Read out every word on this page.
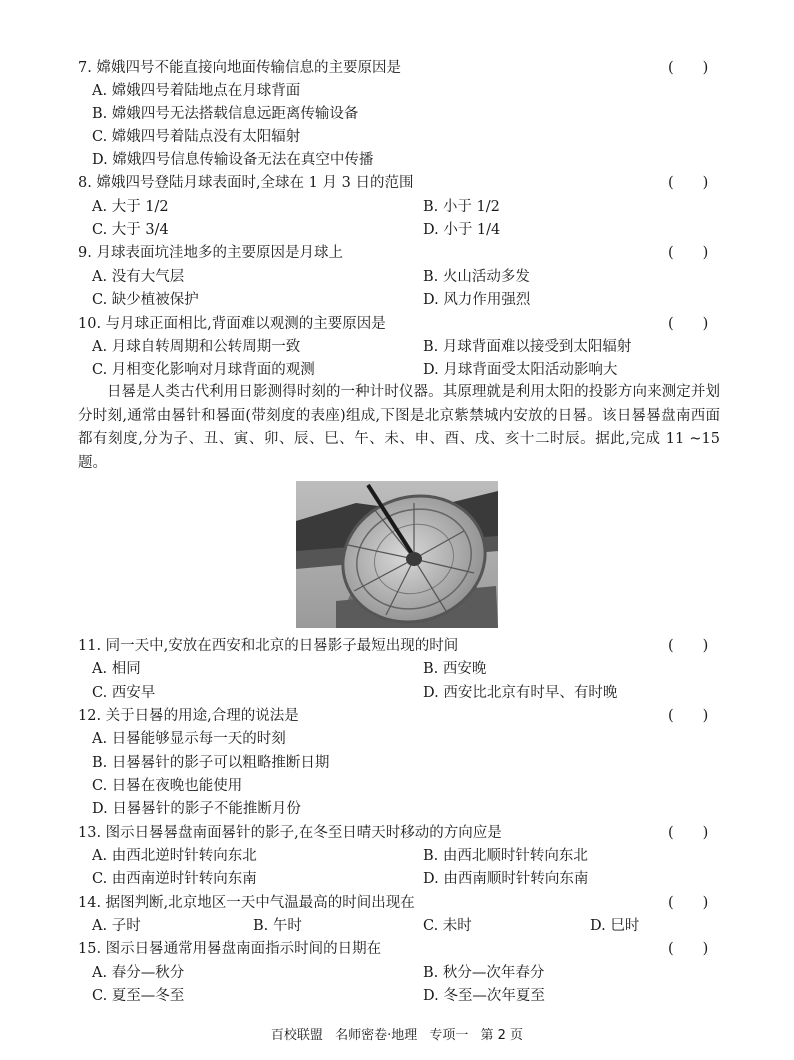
7. 嫦娥四号不能直接向地面传输信息的主要原因是	(　　)
A. 嫦娥四号着陆地点在月球背面
B. 嫦娥四号无法搭载信息远距离传输设备
C. 嫦娥四号着陆点没有太阳辐射
D. 嫦娥四号信息传输设备无法在真空中传播
8. 嫦娥四号登陆月球表面时,全球在 1 月 3 日的范围	(　　)
A. 大于 1/2	B. 小于 1/2
C. 大于 3/4	D. 小于 1/4
9. 月球表面坑洼地多的主要原因是月球上	(　　)
A. 没有大气层	B. 火山活动多发
C. 缺少植被保护	D. 风力作用强烈
10. 与月球正面相比,背面难以观测的主要原因是	(　　)
A. 月球自转周期和公转周期一致	B. 月球背面难以接受到太阳辐射
C. 月相变化影响对月球背面的观测	D. 月球背面受太阳活动影响大
日晷是人类古代利用日影测得时刻的一种计时仪器。其原理就是利用太阳的投影方向来测定并划分时刻,通常由晷针和晷面(带刻度的表座)组成,下图是北京紫禁城内安放的日晷。该日晷晷盘南西面都有刻度,分为子、丑、寅、卯、辰、巳、午、未、申、酉、戌、亥十二时辰。据此,完成 11 ~15 题。
11. 同一天中,安放在西安和北京的日晷影子最短出现的时间	(　　)
A. 相同	B. 西安晚
C. 西安早	D. 西安比北京有时早、有时晚
12. 关于日晷的用途,合理的说法是	(　　)
A. 日晷能够显示每一天的时刻
B. 日晷晷针的影子可以粗略推断日期
C. 日晷在夜晚也能使用
D. 日晷晷针的影子不能推断月份
13. 图示日晷晷盘南面晷针的影子,在冬至日晴天时移动的方向应是	(　　)
A. 由西北逆时针转向东北	B. 由西北顺时针转向东北
C. 由西南逆时针转向东南	D. 由西南顺时针转向东南
14. 据图判断,北京地区一天中气温最高的时间出现在	(　　)
A. 子时	B. 午时	C. 未时	D. 巳时
15. 图示日晷通常用晷盘南面指示时间的日期在	(　　)
A. 春分—秋分	B. 秋分—次年春分
C. 夏至—冬至	D. 冬至—次年夏至
百校联盟 名师密卷·地理 专项一 第 2 页
